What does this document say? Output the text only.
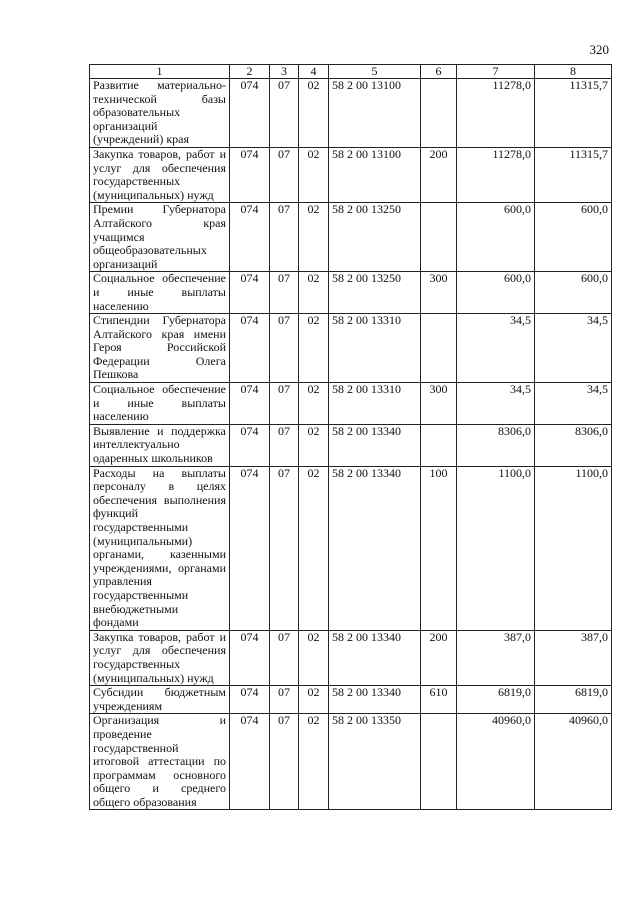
320
1	2	3	4	5	6	7	8
Развитие материально-технической базы образовательных организаций (учреждений) края	074	07	02	58 2 00 13100		11278,0	11315,7
Закупка товаров, работ и услуг для обеспечения государственных (муниципальных) нужд	074	07	02	58 2 00 13100	200	11278,0	11315,7
Премии Губернатора Алтайского края учащимся общеобразовательных организаций	074	07	02	58 2 00 13250		600,0	600,0
Социальное обеспечение и иные выплаты населению	074	07	02	58 2 00 13250	300	600,0	600,0
Стипендии Губернатора Алтайского края имени Героя Российской Федерации Олега Пешкова	074	07	02	58 2 00 13310		34,5	34,5
Социальное обеспечение и иные выплаты населению	074	07	02	58 2 00 13310	300	34,5	34,5
Выявление и поддержка интеллектуально одаренных школьников	074	07	02	58 2 00 13340		8306,0	8306,0
Расходы на выплаты персоналу в целях обеспечения выполнения функций государственными (муниципальными) органами, казенными учреждениями, органами управления государственными внебюджетными фондами	074	07	02	58 2 00 13340	100	1100,0	1100,0
Закупка товаров, работ и услуг для обеспечения государственных (муниципальных) нужд	074	07	02	58 2 00 13340	200	387,0	387,0
Субсидии бюджетным учреждениям	074	07	02	58 2 00 13340	610	6819,0	6819,0
Организация и проведение государственной итоговой аттестации по программам основного общего и среднего общего образования	074	07	02	58 2 00 13350		40960,0	40960,0
